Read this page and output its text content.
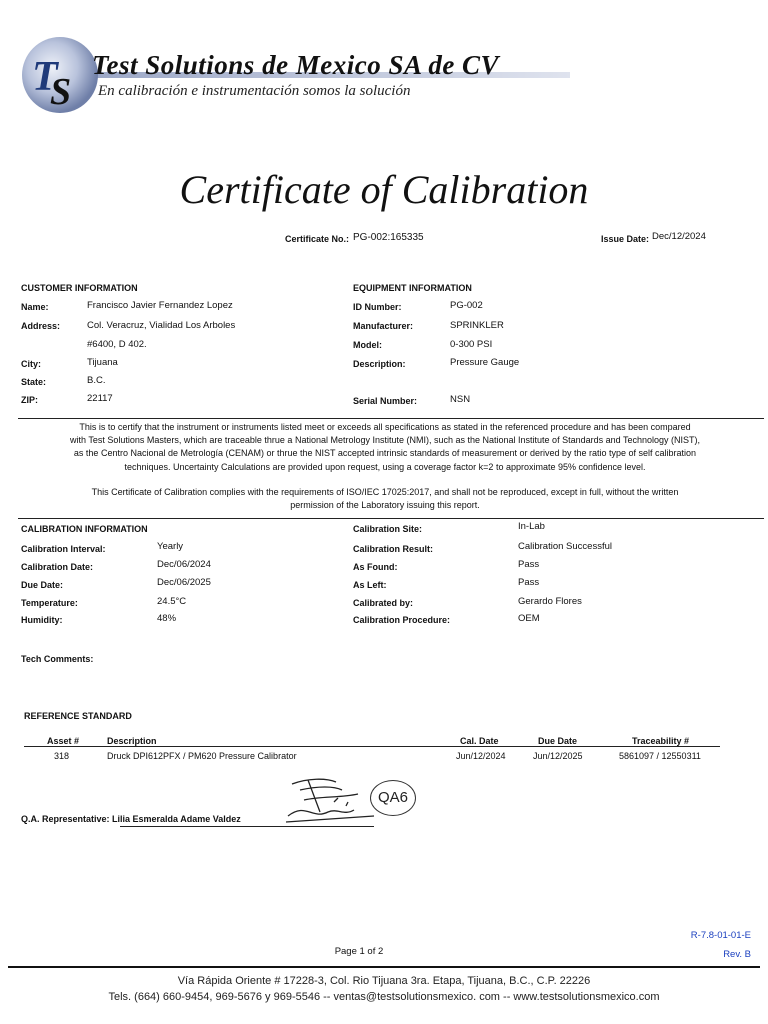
T
S
Test Solutions de Mexico SA de CV
En calibración e instrumentación somos la solución
Certificate of Calibration
Certificate No.: PG-002:165335	Issue Date: Dec/12/2024
CUSTOMER INFORMATION
Name:	Francisco Javier Fernandez Lopez
Address:	Col. Veracruz, Vialidad Los Arboles
#6400, D 402.
City:	Tijuana
State:	B.C.
ZIP:	22117
EQUIPMENT INFORMATION
ID Number:	PG-002
Manufacturer:	SPRINKLER
Model:	0-300 PSI
Description:	Pressure Gauge
Serial Number:	NSN
This is to certify that the instrument or instruments listed meet or exceeds all specifications as stated in the referenced procedure and has been compared
with Test Solutions Masters, which are traceable thrue a National Metrology Institute (NMI), such as the National Institute of Standards and Technology (NIST),
as the Centro Nacional de Metrología (CENAM) or thrue the NIST accepted intrinsic standards of measurement or derived by the ratio type of self calibration
techniques. Uncertainty Calculations are provided upon request, using a coverage factor k=2 to approximate 95% confidence level.
This Certificate of Calibration complies with the requirements of ISO/IEC 17025:2017, and shall not be reproduced, except in full, without the written
permission of the Laboratory issuing this report.
CALIBRATION INFORMATION
Calibration Interval:	Yearly
Calibration Date:	Dec/06/2024
Due Date:	Dec/06/2025
Temperature:	24.5°C
Humidity:	48%
Calibration Site:	In-Lab
Calibration Result:	Calibration Successful
As Found:	Pass
As Left:	Pass
Calibrated by:	Gerardo Flores
Calibration Procedure:	OEM
Tech Comments:
REFERENCE STANDARD
Asset #	Description	Cal. Date	Due Date	Traceability #
318	Druck DPI612PFX / PM620 Pressure Calibrator	Jun/12/2024	Jun/12/2025	5861097 / 12550311
Q.A. Representative: Lilia Esmeralda Adame Valdez
QA6
Page 1 of 2
R-7.8-01-01-E
Rev. B
Vía Rápida Oriente # 17228-3, Col. Rio Tijuana 3ra. Etapa, Tijuana, B.C., C.P. 22226
Tels. (664) 660-9454, 969-5676 y 969-5546 -- ventas@testsolutionsmexico. com -- www.testsolutionsmexico.com
